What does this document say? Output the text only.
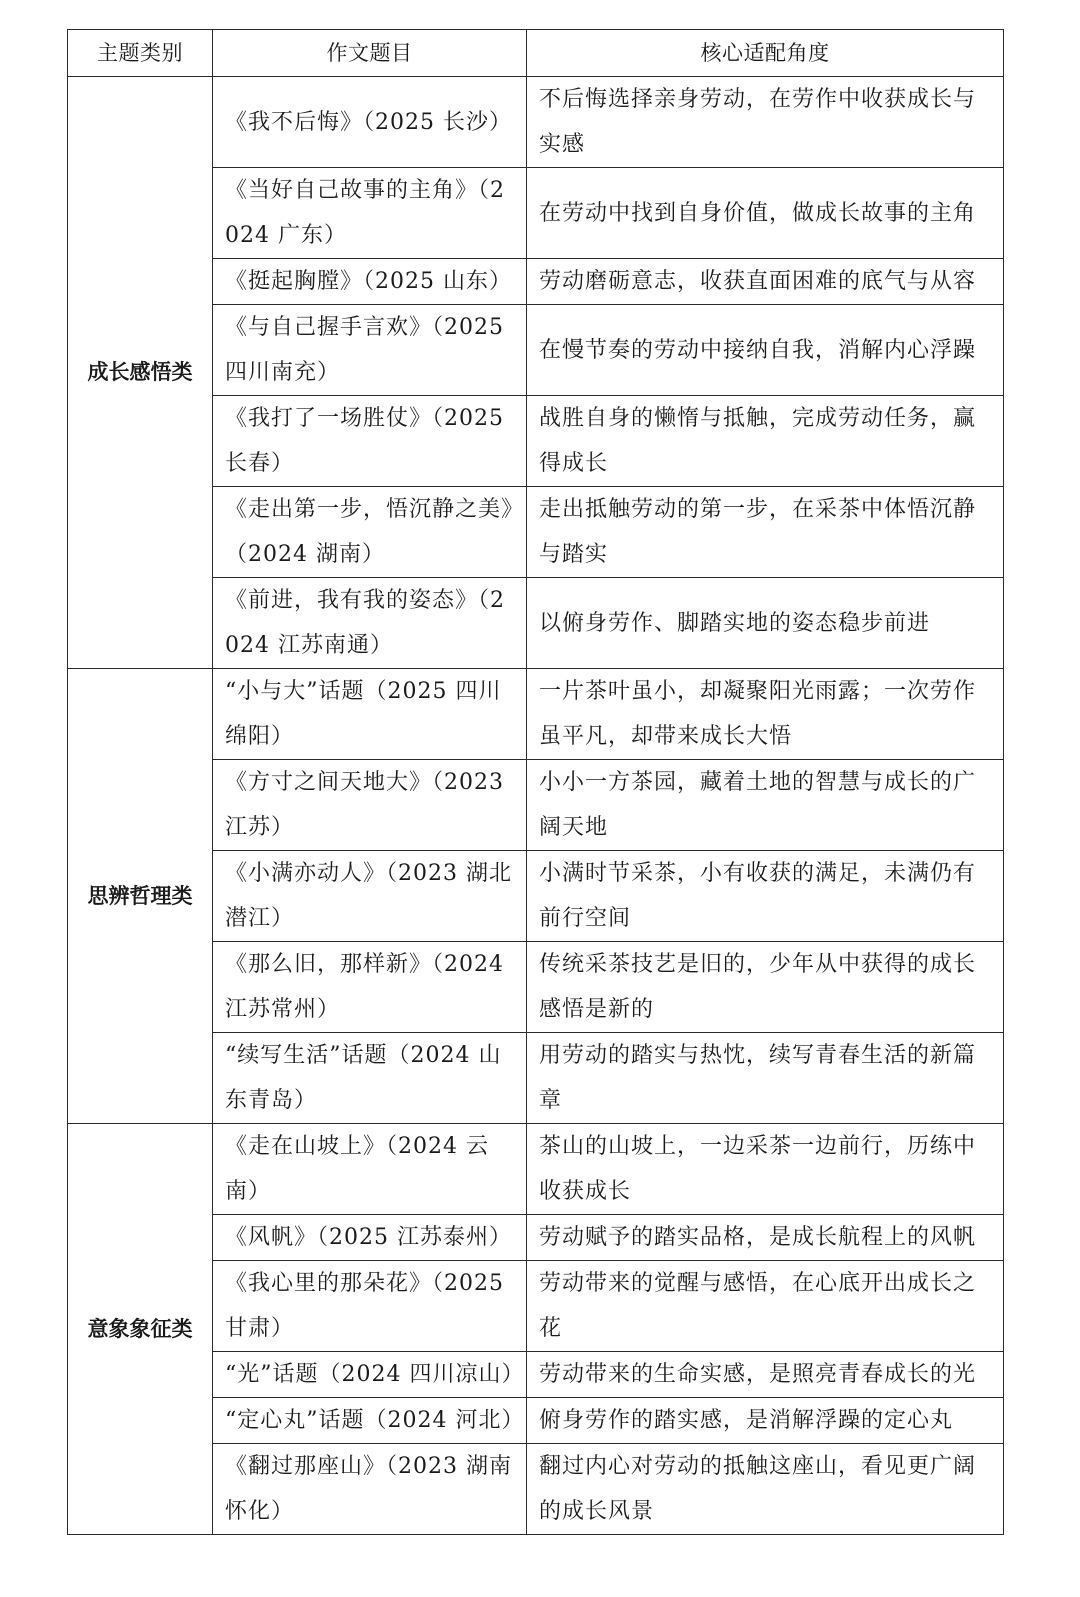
主题类别	作文题目	核心适配角度
成长感悟类	《我不后悔》（2025 长沙）	不后悔选择亲身劳动，在劳作中收获成长与实感
	《当好自己故事的主角》（2024 广东）	在劳动中找到自身价值，做成长故事的主角
	《挺起胸膛》（2025 山东）	劳动磨砺意志，收获直面困难的底气与从容
	《与自己握手言欢》（2025 四川南充）	在慢节奏的劳动中接纳自我，消解内心浮躁
	《我打了一场胜仗》（2025 长春）	战胜自身的懒惰与抵触，完成劳动任务，赢得成长
	《走出第一步，悟沉静之美》（2024 湖南）	走出抵触劳动的第一步，在采茶中体悟沉静与踏实
	《前进，我有我的姿态》（2024 江苏南通）	以俯身劳作、脚踏实地的姿态稳步前进
思辨哲理类	“小与大”话题（2025 四川绵阳）	一片茶叶虽小，却凝聚阳光雨露；一次劳作虽平凡，却带来成长大悟
	《方寸之间天地大》（2023 江苏）	小小一方茶园，藏着土地的智慧与成长的广阔天地
	《小满亦动人》（2023 湖北潜江）	小满时节采茶，小有收获的满足，未满仍有前行空间
	《那么旧，那样新》（2024 江苏常州）	传统采茶技艺是旧的，少年从中获得的成长感悟是新的
	“续写生活”话题（2024 山东青岛）	用劳动的踏实与热忱，续写青春生活的新篇章
意象象征类	《走在山坡上》（2024 云南）	茶山的山坡上，一边采茶一边前行，历练中收获成长
	《风帆》（2025 江苏泰州）	劳动赋予的踏实品格，是成长航程上的风帆
	《我心里的那朵花》（2025 甘肃）	劳动带来的觉醒与感悟，在心底开出成长之花
	“光”话题（2024 四川凉山）	劳动带来的生命实感，是照亮青春成长的光
	“定心丸”话题（2024 河北）	俯身劳作的踏实感，是消解浮躁的定心丸
	《翻过那座山》（2023 湖南怀化）	翻过内心对劳动的抵触这座山，看见更广阔的成长风景
